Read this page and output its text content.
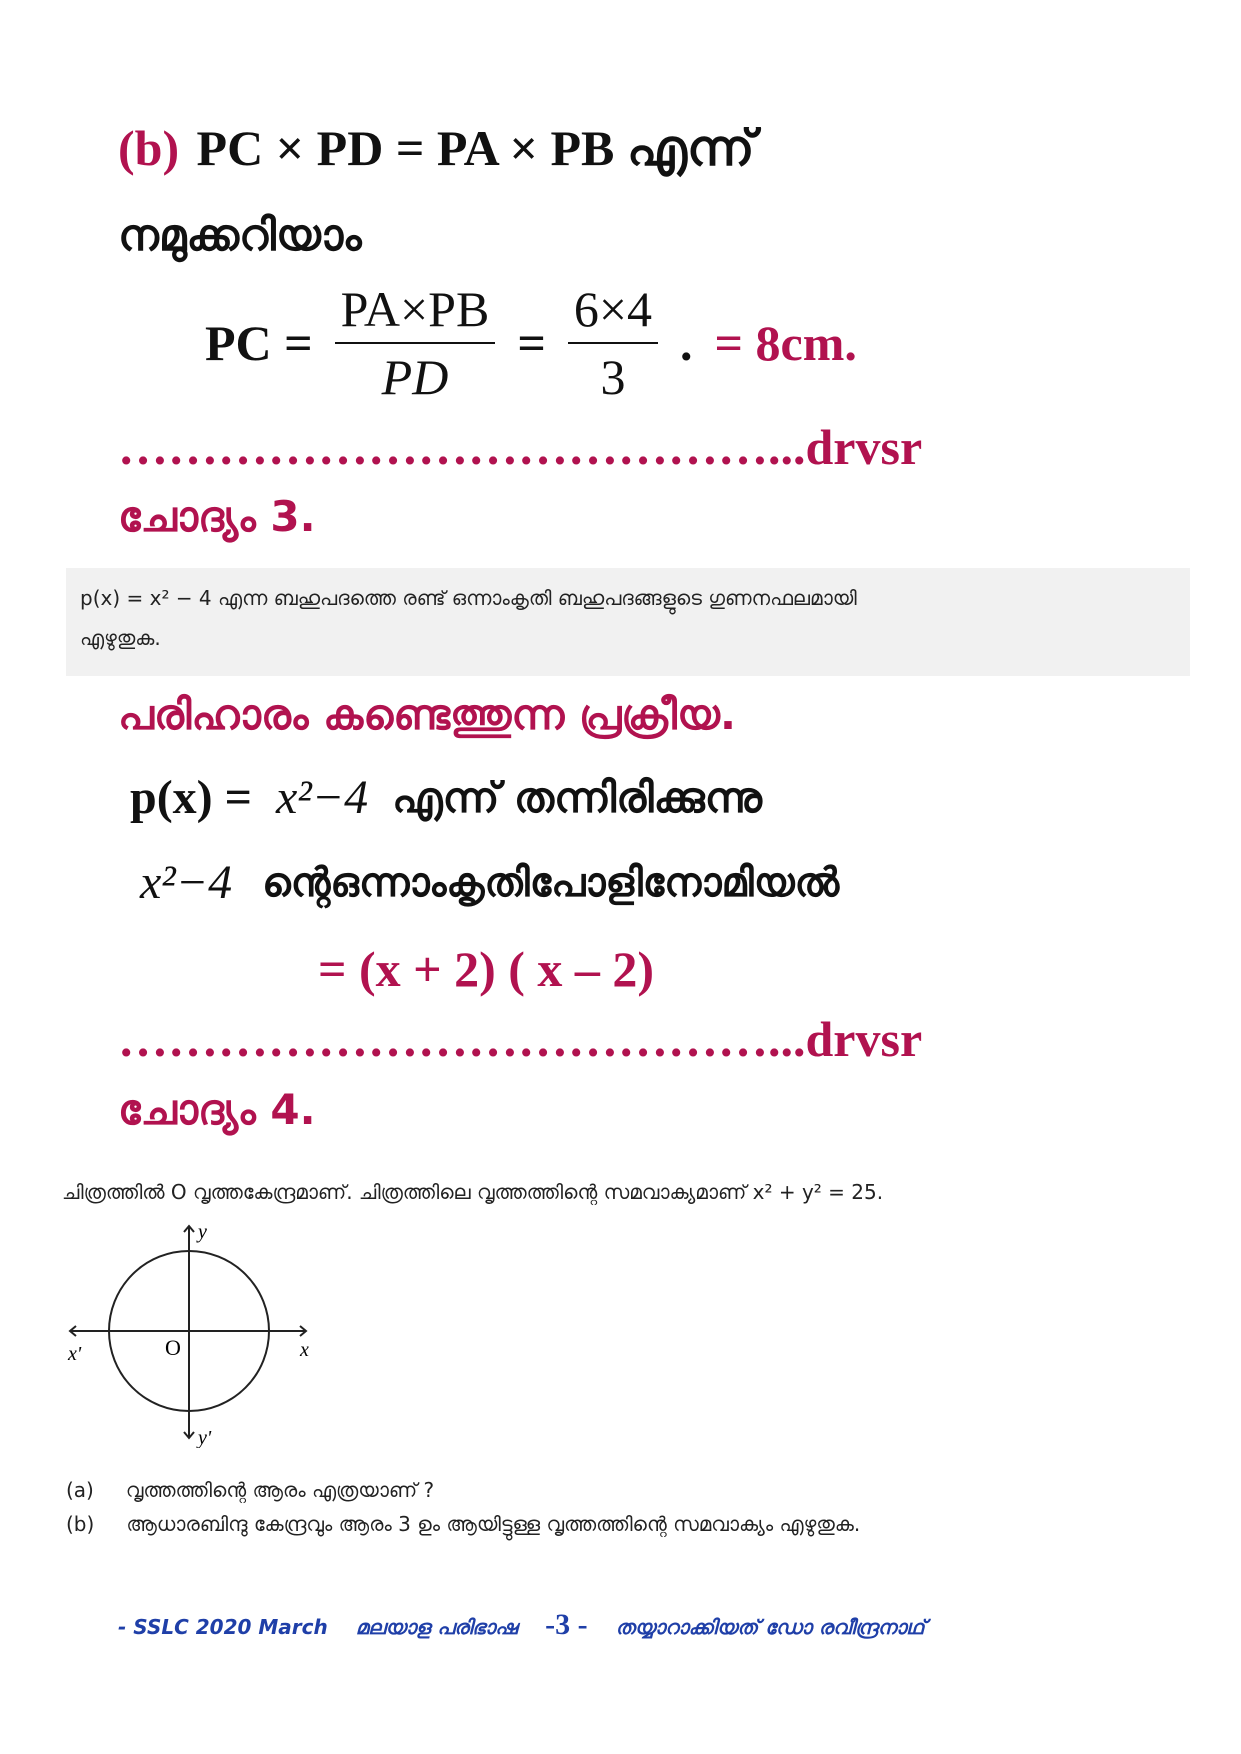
(b) PC × PD = PA × PB എന്ന്
നമുക്കറിയാം
PC = $\frac{PA\times PB}{PD} = \frac{6\times 4}{3}$ . = 8cm.
…………………………………...drvsr
ചോദ്യം 3.
p(x) = x² − 4 എന്ന ബഹുപദത്തെ രണ്ട് ഒന്നാംകൃതി ബഹുപദങ്ങളുടെ ഗുണനഫലമായി
എഴുതുക.
പരിഹാരം കണ്ടെത്തുന്ന പ്രക്രീയ.
p(x) = x²−4 എന്ന് തന്നിരിക്കുന്നു
x²−4 ന്റെഒന്നാംകൃതിപോളിനോമിയൽ
= (x + 2) ( x – 2)
…………………………………...drvsr
ചോദ്യം 4.
ചിത്രത്തിൽ O വൃത്തകേന്ദ്രമാണ്. ചിത്രത്തിലെ വൃത്തത്തിന്റെ സമവാക്യമാണ് x² + y² = 25.
y
y'
x
x'	O
(a) വൃത്തത്തിന്റെ ആരം എത്രയാണ് ?
(b) ആധാരബിന്ദു കേന്ദ്രവും ആരം 3 ഉം ആയിട്ടുള്ള വൃത്തത്തിന്റെ സമവാക്യം എഴുതുക.
- SSLC 2020 March മലയാള പരിഭാഷ -3 - തയ്യാറാക്കിയത് ഡോ രവീന്ദ്രനാഥ്
